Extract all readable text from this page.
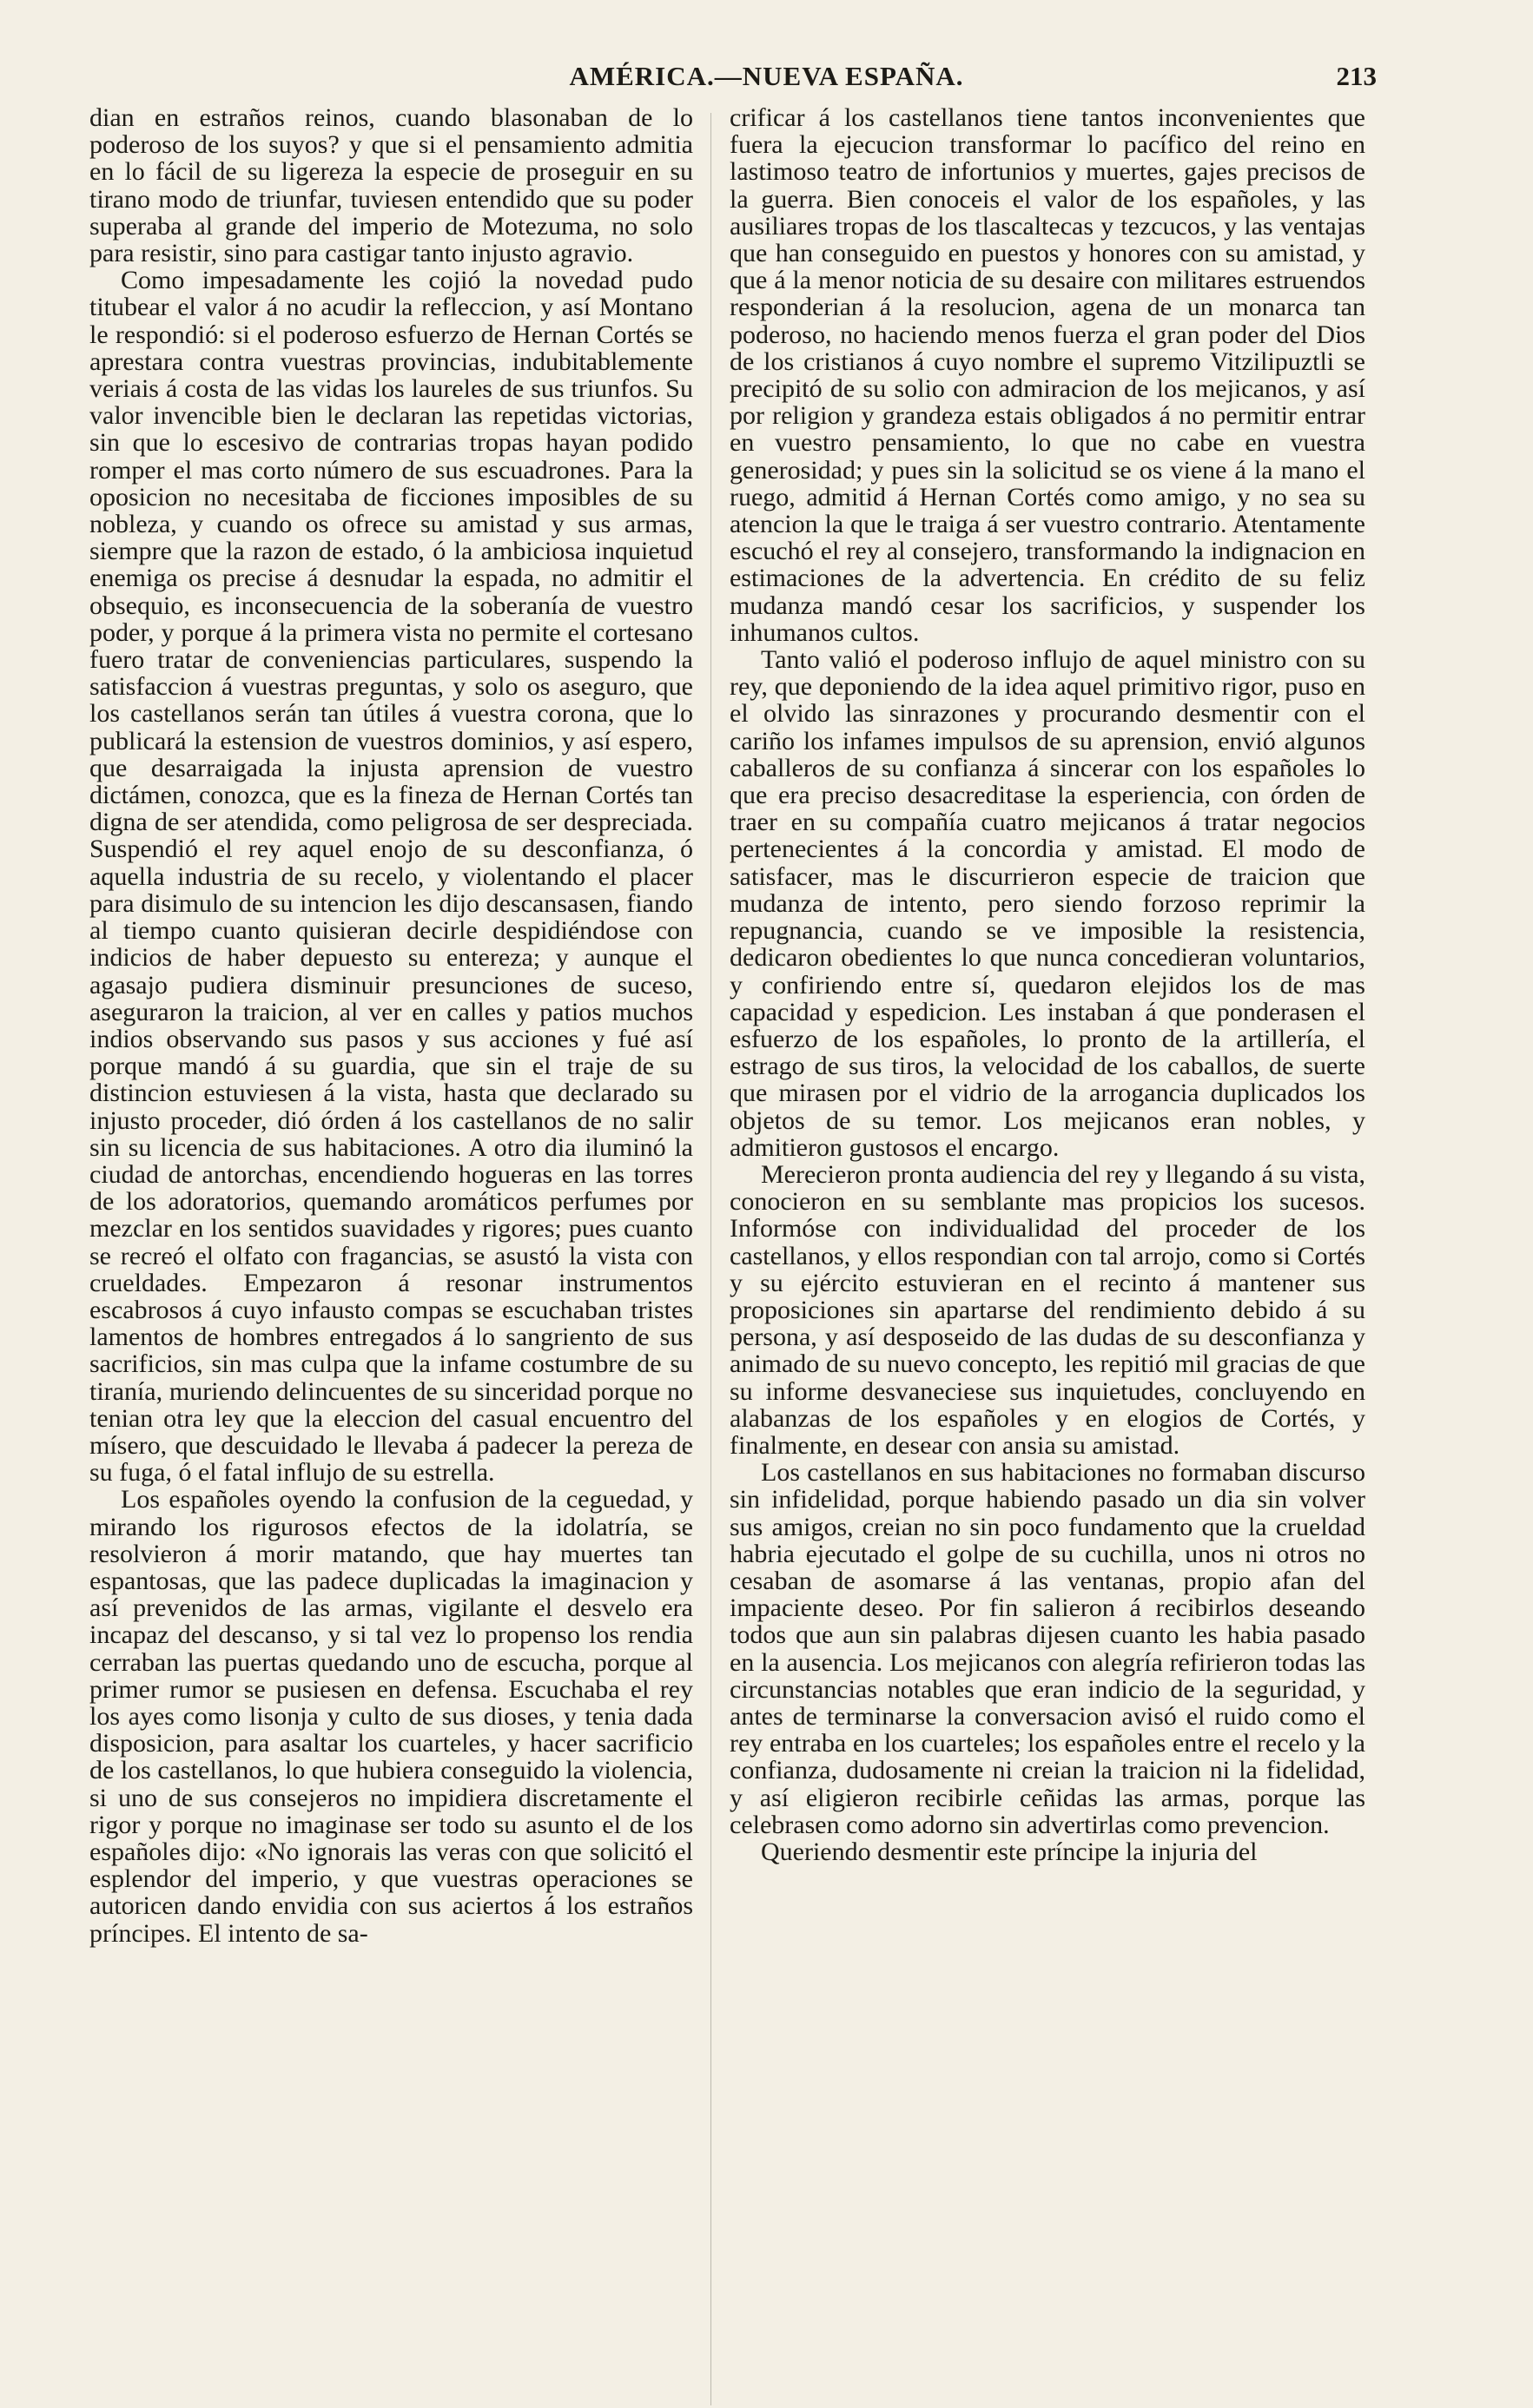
AMÉRICA.—NUEVA ESPAÑA.	213

dian en estraños reinos, cuando blasonaban de lo poderoso de los suyos? y que si el pensamiento admitia en lo fácil de su ligereza la especie de proseguir en su tirano modo de triunfar, tuviesen entendido que su poder superaba al grande del imperio de Motezuma, no solo para resistir, sino para castigar tanto injusto agravio.

Como impesadamente les cojió la novedad pudo titubear el valor á no acudir la refleccion, y así Montano le respondió: si el poderoso esfuerzo de Hernan Cortés se aprestara contra vuestras provincias, indubitablemente veriais á costa de las vidas los laureles de sus triunfos. Su valor invencible bien le declaran las repetidas victorias, sin que lo escesivo de contrarias tropas hayan podido romper el mas corto número de sus escuadrones. Para la oposicion no necesitaba de ficciones imposibles de su nobleza, y cuando os ofrece su amistad y sus armas, siempre que la razon de estado, ó la ambiciosa inquietud enemiga os precise á desnudar la espada, no admitir el obsequio, es inconsecuencia de la soberanía de vuestro poder, y porque á la primera vista no permite el cortesano fuero tratar de conveniencias particulares, suspendo la satisfaccion á vuestras preguntas, y solo os aseguro, que los castellanos serán tan útiles á vuestra corona, que lo publicará la estension de vuestros dominios, y así espero, que desarraigada la injusta aprension de vuestro dictámen, conozca, que es la fineza de Hernan Cortés tan digna de ser atendida, como peligrosa de ser despreciada. Suspendió el rey aquel enojo de su desconfianza, ó aquella industria de su recelo, y violentando el placer para disimulo de su intencion les dijo descansasen, fiando al tiempo cuanto quisieran decirle despidiéndose con indicios de haber depuesto su entereza; y aunque el agasajo pudiera disminuir presunciones de suceso, aseguraron la traicion, al ver en calles y patios muchos indios observando sus pasos y sus acciones y fué así porque mandó á su guardia, que sin el traje de su distincion estuviesen á la vista, hasta que declarado su injusto proceder, dió órden á los castellanos de no salir sin su licencia de sus habitaciones. A otro dia iluminó la ciudad de antorchas, encendiendo hogueras en las torres de los adoratorios, quemando aromáticos perfumes por mezclar en los sentidos suavidades y rigores; pues cuanto se recreó el olfato con fragancias, se asustó la vista con crueldades. Empezaron á resonar instrumentos escabrosos á cuyo infausto compas se escuchaban tristes lamentos de hombres entregados á lo sangriento de sus sacrificios, sin mas culpa que la infame costumbre de su tiranía, muriendo delincuentes de su sinceridad porque no tenian otra ley que la eleccion del casual encuentro del mísero, que descuidado le llevaba á padecer la pereza de su fuga, ó el fatal influjo de su estrella.

Los españoles oyendo la confusion de la ceguedad, y mirando los rigurosos efectos de la idolatría, se resolvieron á morir matando, que hay muertes tan espantosas, que las padece duplicadas la imaginacion y así prevenidos de las armas, vigilante el desvelo era incapaz del descanso, y si tal vez lo propenso los rendia cerraban las puertas quedando uno de escucha, porque al primer rumor se pusiesen en defensa. Escuchaba el rey los ayes como lisonja y culto de sus dioses, y tenia dada disposicion, para asaltar los cuarteles, y hacer sacrificio de los castellanos, lo que hubiera conseguido la violencia, si uno de sus consejeros no impidiera discretamente el rigor y porque no imaginase ser todo su asunto el de los españoles dijo: «No ignorais las veras con que solicitó el esplendor del imperio, y que vuestras operaciones se autoricen dando envidia con sus aciertos á los estraños príncipes. El intento de sa-

crificar á los castellanos tiene tantos inconvenientes que fuera la ejecucion transformar lo pacífico del reino en lastimoso teatro de infortunios y muertes, gajes precisos de la guerra. Bien conoceis el valor de los españoles, y las ausiliares tropas de los tlascaltecas y tezcucos, y las ventajas que han conseguido en puestos y honores con su amistad, y que á la menor noticia de su desaire con militares estruendos responderian á la resolucion, agena de un monarca tan poderoso, no haciendo menos fuerza el gran poder del Dios de los cristianos á cuyo nombre el supremo Vitzilipuztli se precipitó de su solio con admiracion de los mejicanos, y así por religion y grandeza estais obligados á no permitir entrar en vuestro pensamiento, lo que no cabe en vuestra generosidad; y pues sin la solicitud se os viene á la mano el ruego, admitid á Hernan Cortés como amigo, y no sea su atencion la que le traiga á ser vuestro contrario. Atentamente escuchó el rey al consejero, transformando la indignacion en estimaciones de la advertencia. En crédito de su feliz mudanza mandó cesar los sacrificios, y suspender los inhumanos cultos.

Tanto valió el poderoso influjo de aquel ministro con su rey, que deponiendo de la idea aquel primitivo rigor, puso en el olvido las sinrazones y procurando desmentir con el cariño los infames impulsos de su aprension, envió algunos caballeros de su confianza á sincerar con los españoles lo que era preciso desacreditase la esperiencia, con órden de traer en su compañía cuatro mejicanos á tratar negocios pertenecientes á la concordia y amistad. El modo de satisfacer, mas le discurrieron especie de traicion que mudanza de intento, pero siendo forzoso reprimir la repugnancia, cuando se ve imposible la resistencia, dedicaron obedientes lo que nunca concedieran voluntarios, y confiriendo entre sí, quedaron elejidos los de mas capacidad y espedicion. Les instaban á que ponderasen el esfuerzo de los españoles, lo pronto de la artillería, el estrago de sus tiros, la velocidad de los caballos, de suerte que mirasen por el vidrio de la arrogancia duplicados los objetos de su temor. Los mejicanos eran nobles, y admitieron gustosos el encargo.

Merecieron pronta audiencia del rey y llegando á su vista, conocieron en su semblante mas propicios los sucesos. Informóse con individualidad del proceder de los castellanos, y ellos respondian con tal arrojo, como si Cortés y su ejército estuvieran en el recinto á mantener sus proposiciones sin apartarse del rendimiento debido á su persona, y así desposeido de las dudas de su desconfianza y animado de su nuevo concepto, les repitió mil gracias de que su informe desvaneciese sus inquietudes, concluyendo en alabanzas de los españoles y en elogios de Cortés, y finalmente, en desear con ansia su amistad.

Los castellanos en sus habitaciones no formaban discurso sin infidelidad, porque habiendo pasado un dia sin volver sus amigos, creian no sin poco fundamento que la crueldad habria ejecutado el golpe de su cuchilla, unos ni otros no cesaban de asomarse á las ventanas, propio afan del impaciente deseo. Por fin salieron á recibirlos deseando todos que aun sin palabras dijesen cuanto les habia pasado en la ausencia. Los mejicanos con alegría refirieron todas las circunstancias notables que eran indicio de la seguridad, y antes de terminarse la conversacion avisó el ruido como el rey entraba en los cuarteles; los españoles entre el recelo y la confianza, dudosamente ni creian la traicion ni la fidelidad, y así eligieron recibirle ceñidas las armas, porque las celebrasen como adorno sin advertirlas como prevencion.

Queriendo desmentir este príncipe la injuria del
